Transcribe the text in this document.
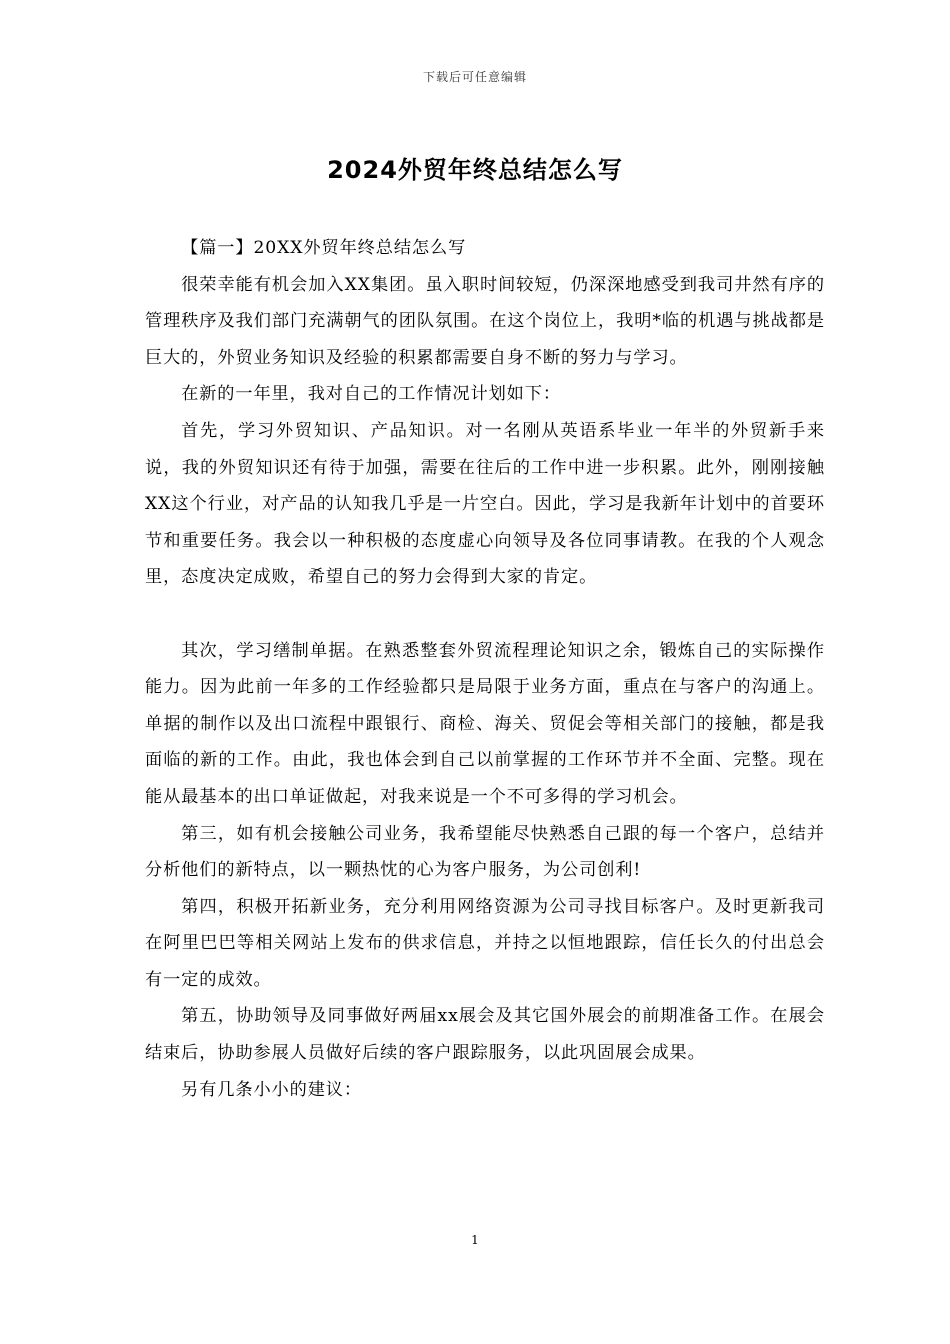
下载后可任意编辑
2024外贸年终总结怎么写

【篇一】20XX外贸年终总结怎么写

很荣幸能有机会加入XX集团。虽入职时间较短，仍深深地感受到我司井然有序的管理秩序及我们部门充满朝气的团队氛围。在这个岗位上，我明*临的机遇与挑战都是巨大的，外贸业务知识及经验的积累都需要自身不断的努力与学习。

在新的一年里，我对自己的工作情况计划如下：

首先，学习外贸知识、产品知识。对一名刚从英语系毕业一年半的外贸新手来说，我的外贸知识还有待于加强，需要在往后的工作中进一步积累。此外，刚刚接触XX这个行业，对产品的认知我几乎是一片空白。因此，学习是我新年计划中的首要环节和重要任务。我会以一种积极的态度虚心向领导及各位同事请教。在我的个人观念里，态度决定成败，希望自己的努力会得到大家的肯定。

其次，学习缮制单据。在熟悉整套外贸流程理论知识之余，锻炼自己的实际操作能力。因为此前一年多的工作经验都只是局限于业务方面，重点在与客户的沟通上。单据的制作以及出口流程中跟银行、商检、海关、贸促会等相关部门的接触，都是我面临的新的工作。由此，我也体会到自己以前掌握的工作环节并不全面、完整。现在能从最基本的出口单证做起，对我来说是一个不可多得的学习机会。

第三，如有机会接触公司业务，我希望能尽快熟悉自己跟的每一个客户，总结并分析他们的新特点，以一颗热忱的心为客户服务，为公司创利!

第四，积极开拓新业务，充分利用网络资源为公司寻找目标客户。及时更新我司在阿里巴巴等相关网站上发布的供求信息，并持之以恒地跟踪，信任长久的付出总会有一定的成效。

第五，协助领导及同事做好两届xx展会及其它国外展会的前期准备工作。在展会结束后，协助参展人员做好后续的客户跟踪服务，以此巩固展会成果。

另有几条小小的建议：

1
